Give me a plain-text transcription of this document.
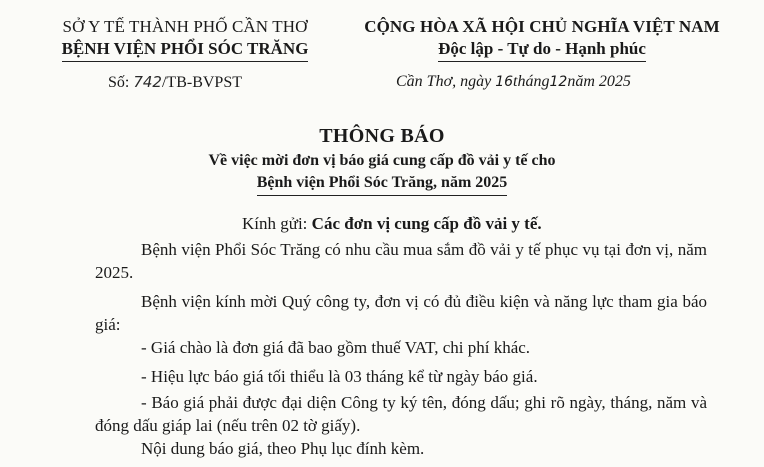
SỞ Y TẾ THÀNH PHỐ CẦN THƠ
BỆNH VIỆN PHỔI SÓC TRĂNG
CỘNG HÒA XÃ HỘI CHỦ NGHĨA VIỆT NAM
Độc lập - Tự do - Hạnh phúc
Số: 742/TB-BVPST	Cần Thơ, ngày 16tháng12năm 2025
THÔNG BÁO
Về việc mời đơn vị báo giá cung cấp đồ vải y tế cho
Bệnh viện Phổi Sóc Trăng, năm 2025
Kính gửi: Các đơn vị cung cấp đồ vải y tế.
Bệnh viện Phổi Sóc Trăng có nhu cầu mua sắm đồ vải y tế phục vụ tại đơn vị, năm 2025.
Bệnh viện kính mời Quý công ty, đơn vị có đủ điều kiện và năng lực tham gia báo giá:
- Giá chào là đơn giá đã bao gồm thuế VAT, chi phí khác.
- Hiệu lực báo giá tối thiểu là 03 tháng kể từ ngày báo giá.
- Báo giá phải được đại diện Công ty ký tên, đóng dấu; ghi rõ ngày, tháng, năm và đóng dấu giáp lai (nếu trên 02 tờ giấy).
Nội dung báo giá, theo Phụ lục đính kèm.
